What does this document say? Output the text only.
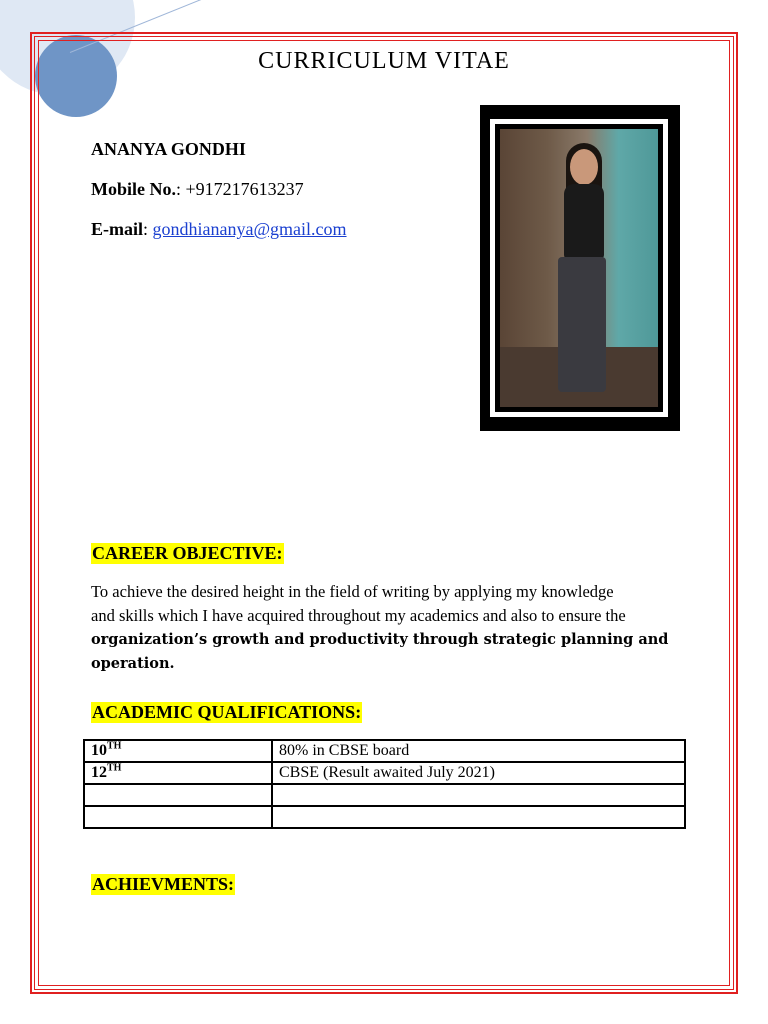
CURRICULUM VITAE
ANANYA GONDHI
Mobile No.: +917217613237
E-mail: gondhiananya@gmail.com
CAREER OBJECTIVE:
To achieve the desired height in the field of writing by applying my knowledge
and skills which I have acquired throughout my academics and also to ensure the
organization’s growth and productivity through strategic planning and operation.
ACADEMIC QUALIFICATIONS:
10TH	80% in CBSE board
12TH	CBSE (Result awaited July 2021)

ACHIEVMENTS:
